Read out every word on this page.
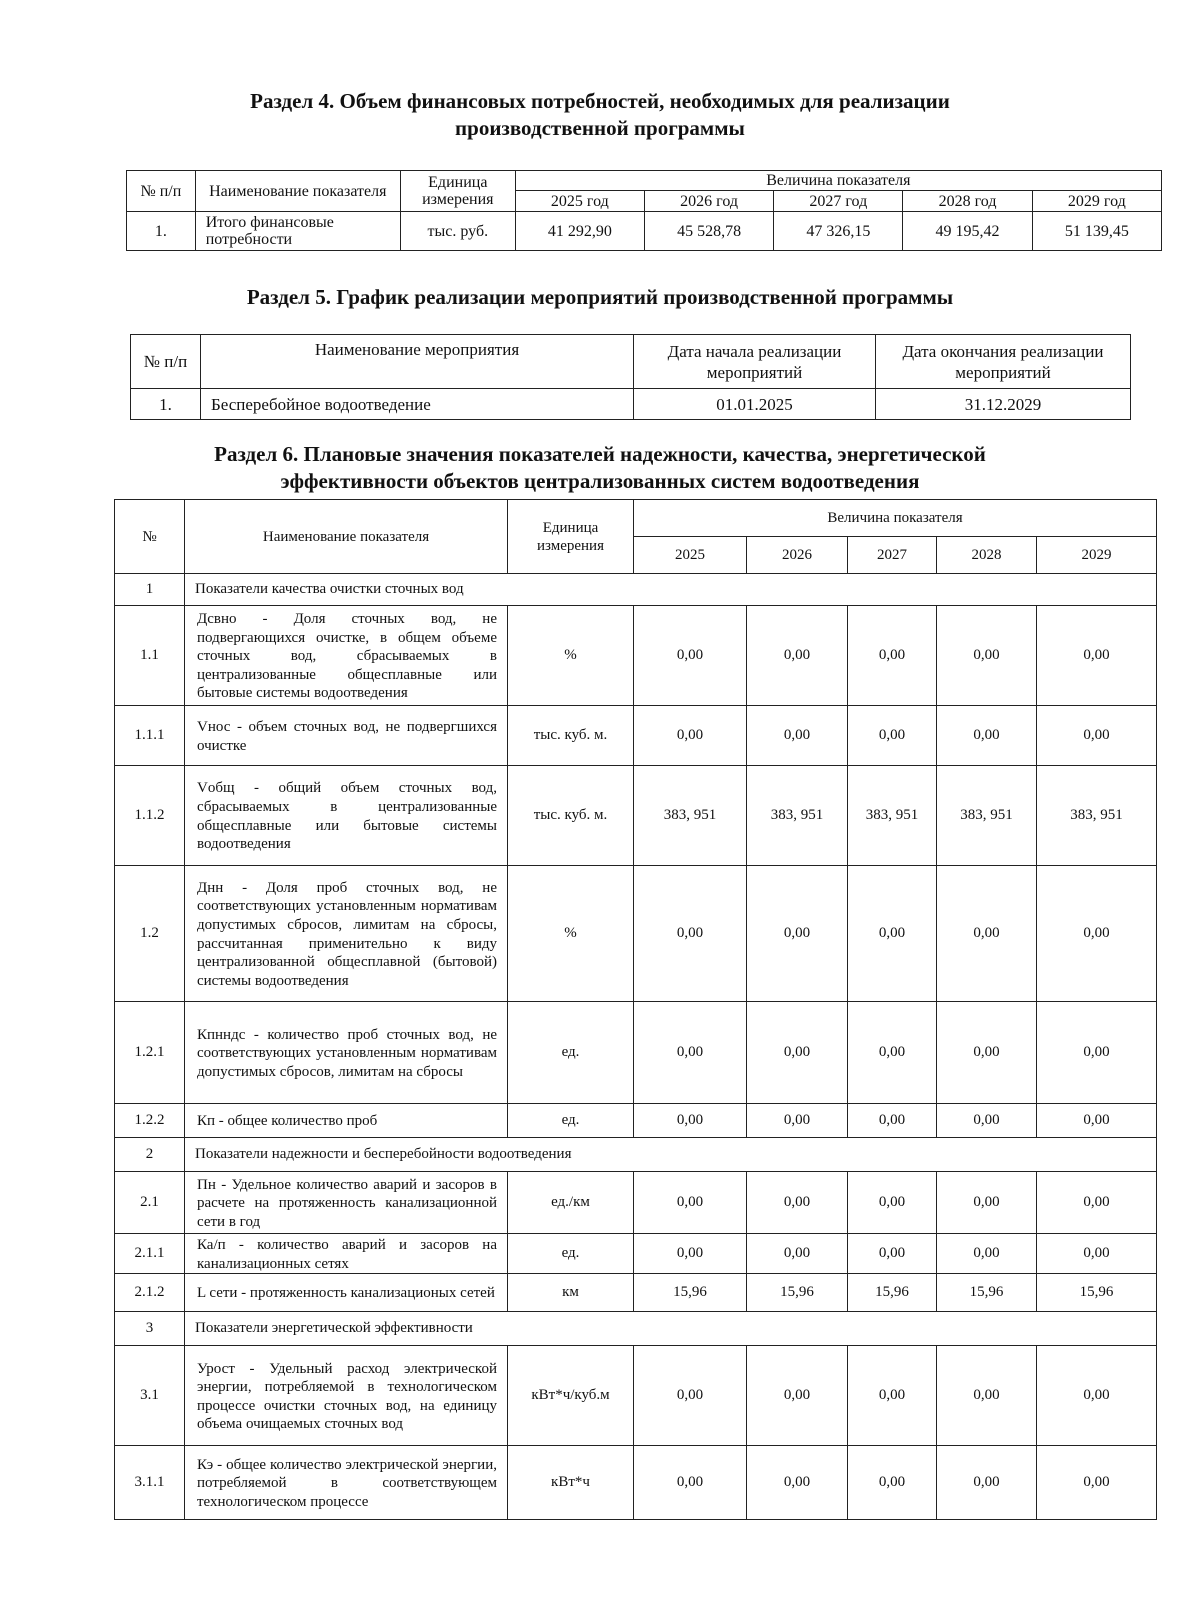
Раздел 4. Объем финансовых потребностей, необходимых для реализации
производственной программы
№ п/п	Наименование показателя	Единица измерения	Величина показателя				
			2025 год	2026 год	2027 год	2028 год	2029 год
1.	Итого финансовые потребности	тыс. руб.	41 292,90	45 528,78	47 326,15	49 195,42	51 139,45
Раздел 5. График реализации мероприятий производственной программы
№ п/п	Наименование мероприятия	Дата начала реализации мероприятий	Дата окончания реализации мероприятий
1.	Бесперебойное водоотведение	01.01.2025	31.12.2029
Раздел 6. Плановые значения показателей надежности, качества, энергетической
эффективности объектов централизованных систем водоотведения
№	Наименование показателя	Единица измерения	Величина показателя				
			2025	2026	2027	2028	2029
1	Показатели качества очистки сточных вод						
1.1	Дсвно - Доля сточных вод, не подвергающихся очистке, в общем объеме сточных вод, сбрасываемых в централизованные общесплавные или бытовые системы водоотведения	%	0,00	0,00	0,00	0,00	0,00
1.1.1	Vнос - объем сточных вод, не подвергшихся очистке	тыс. куб. м.	0,00	0,00	0,00	0,00	0,00
1.1.2	Vобщ - общий объем сточных вод, сбрасываемых в централизованные общесплавные или бытовые системы водоотведения	тыс. куб. м.	383, 951	383, 951	383, 951	383, 951	383, 951
1.2	Днн - Доля проб сточных вод, не соответствующих установленным нормативам допустимых сбросов, лимитам на сбросы, рассчитанная применительно к виду централизованной общесплавной (бытовой) системы водоотведения	%	0,00	0,00	0,00	0,00	0,00
1.2.1	Кпнндс - количество проб сточных вод, не соответствующих установленным нормативам допустимых сбросов, лимитам на сбросы	ед.	0,00	0,00	0,00	0,00	0,00
1.2.2	Кп - общее количество проб	ед.	0,00	0,00	0,00	0,00	0,00
2	Показатели надежности и бесперебойности водоотведения						
2.1	Пн - Удельное количество аварий и засоров в расчете на протяженность канализационной сети в год	ед./км	0,00	0,00	0,00	0,00	0,00
2.1.1	Ка/п - количество аварий и засоров на канализационных сетях	ед.	0,00	0,00	0,00	0,00	0,00
2.1.2	L сети - протяженность канализационых сетей	км	15,96	15,96	15,96	15,96	15,96
3	Показатели энергетической эффективности						
3.1	Урост - Удельный расход электрической энергии, потребляемой в технологическом процессе очистки сточных вод, на единицу объема очищаемых сточных вод	кВт*ч/куб.м	0,00	0,00	0,00	0,00	0,00
3.1.1	Кэ - общее количество электрической энергии, потребляемой в соответствующем технологическом процессе	кВт*ч	0,00	0,00	0,00	0,00	0,00
